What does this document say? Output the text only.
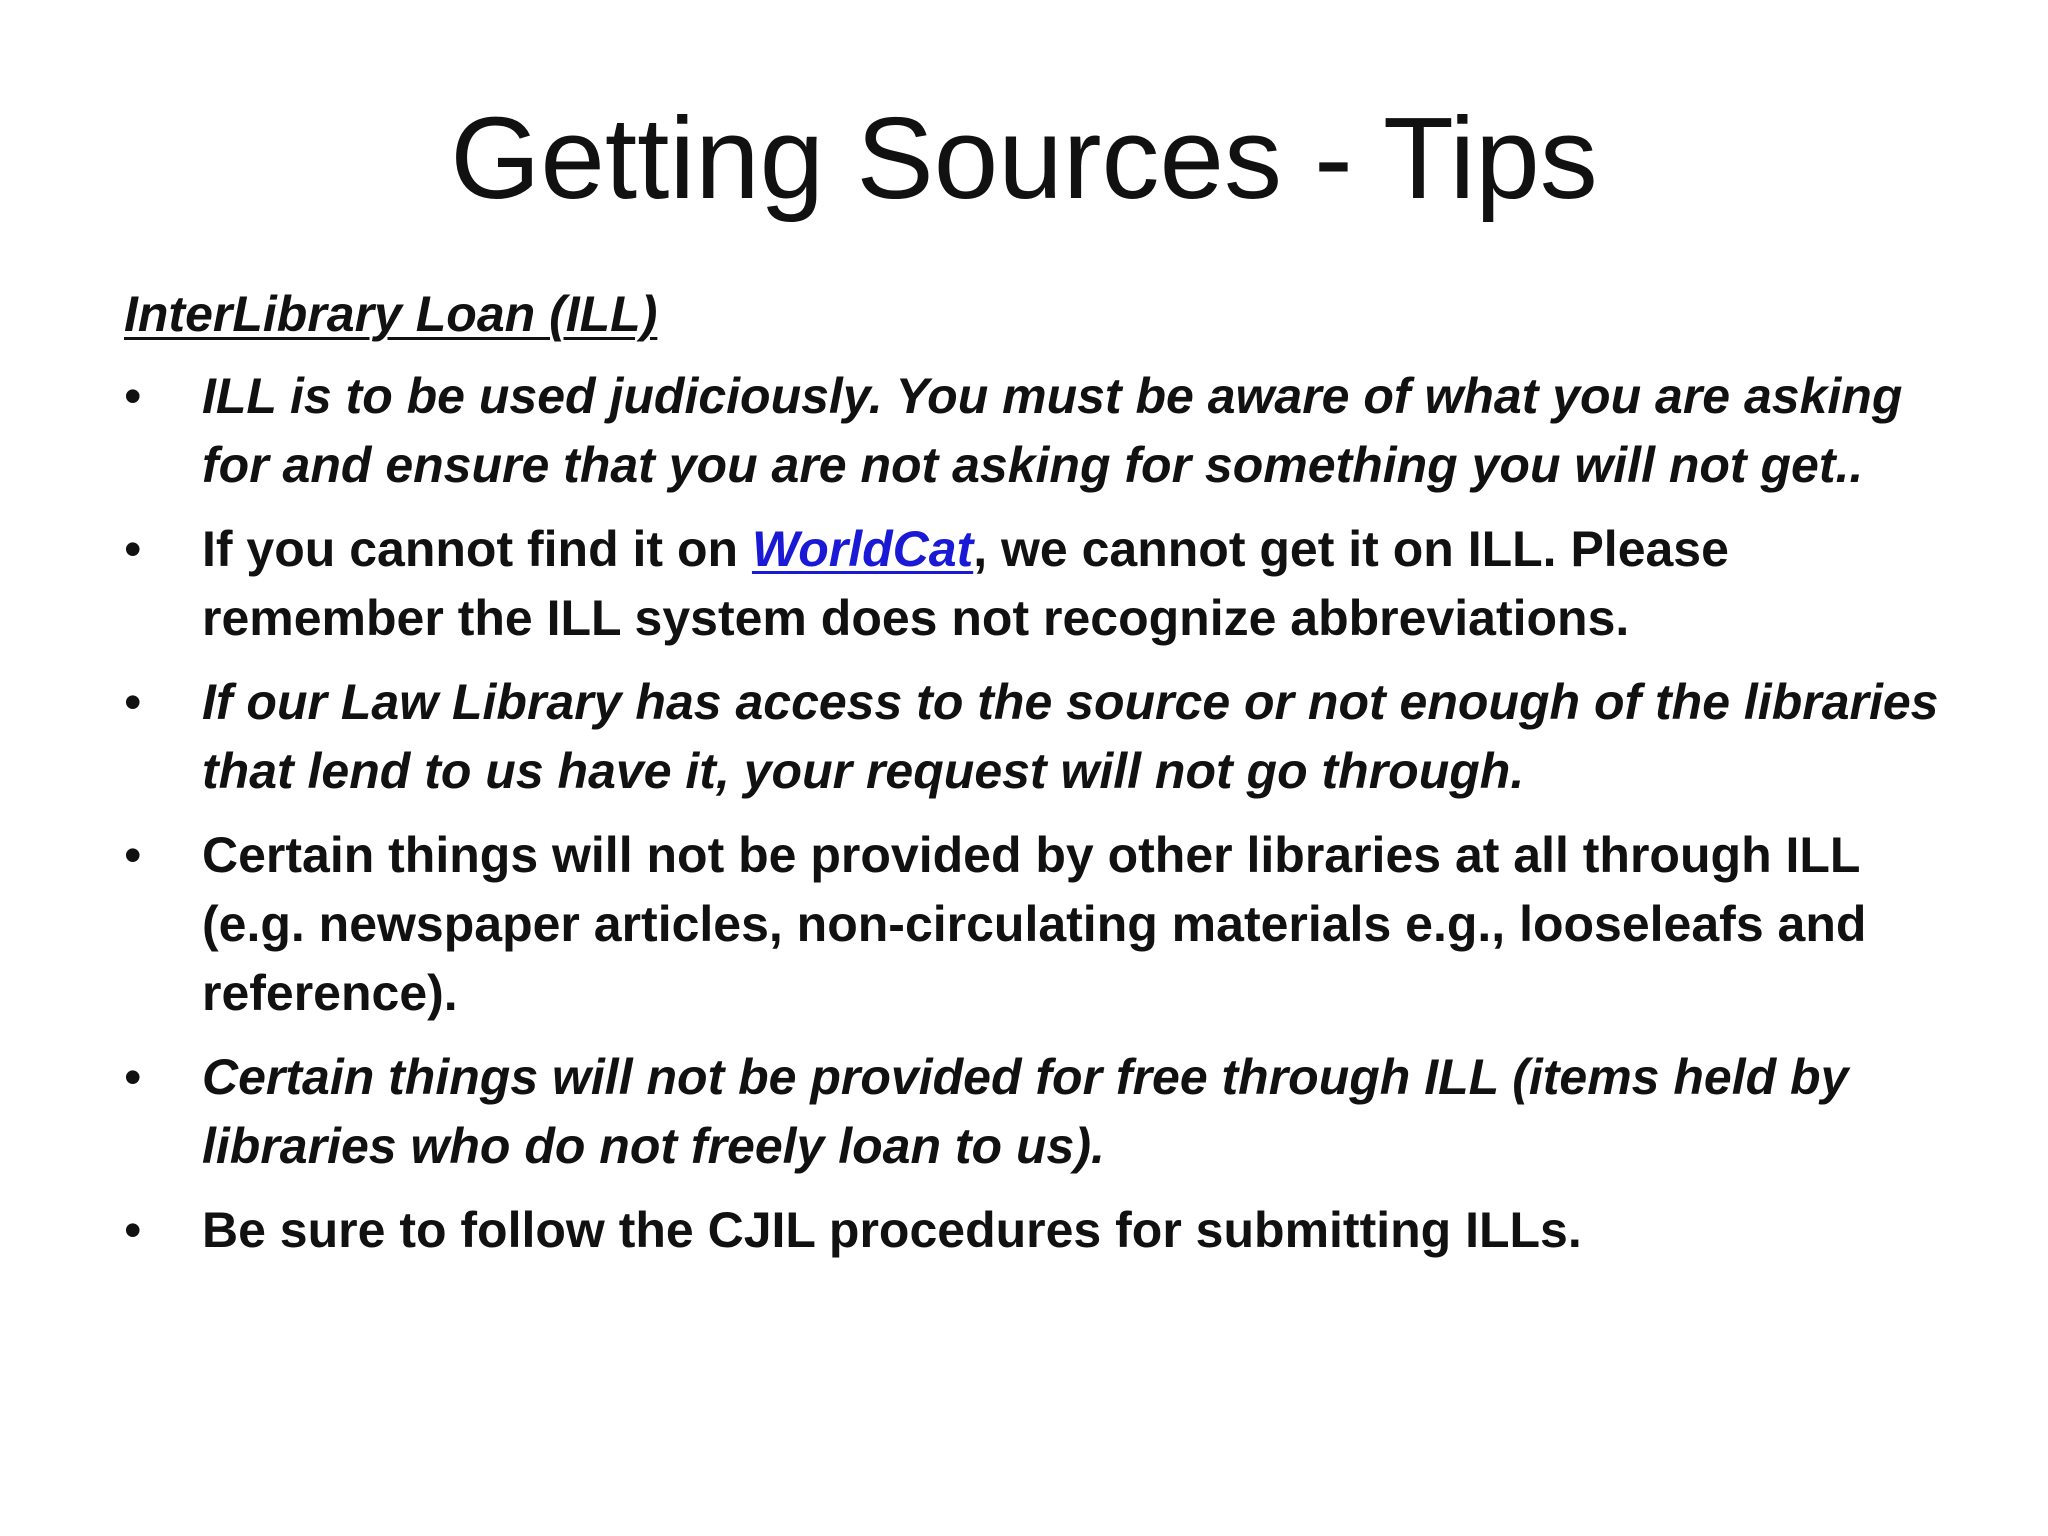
Getting Sources - Tips
InterLibrary Loan (ILL)
• ILL is to be used judiciously. You must be aware of what you are asking for and ensure that you are not asking for something you will not get..
• If you cannot find it on WorldCat, we cannot get it on ILL. Please remember the ILL system does not recognize abbreviations.
• If our Law Library has access to the source or not enough of the libraries that lend to us have it, your request will not go through.
• Certain things will not be provided by other libraries at all through ILL (e.g. newspaper articles, non-circulating materials e.g., looseleafs and reference).
• Certain things will not be provided for free through ILL (items held by libraries who do not freely loan to us).
• Be sure to follow the CJIL procedures for submitting ILLs.
